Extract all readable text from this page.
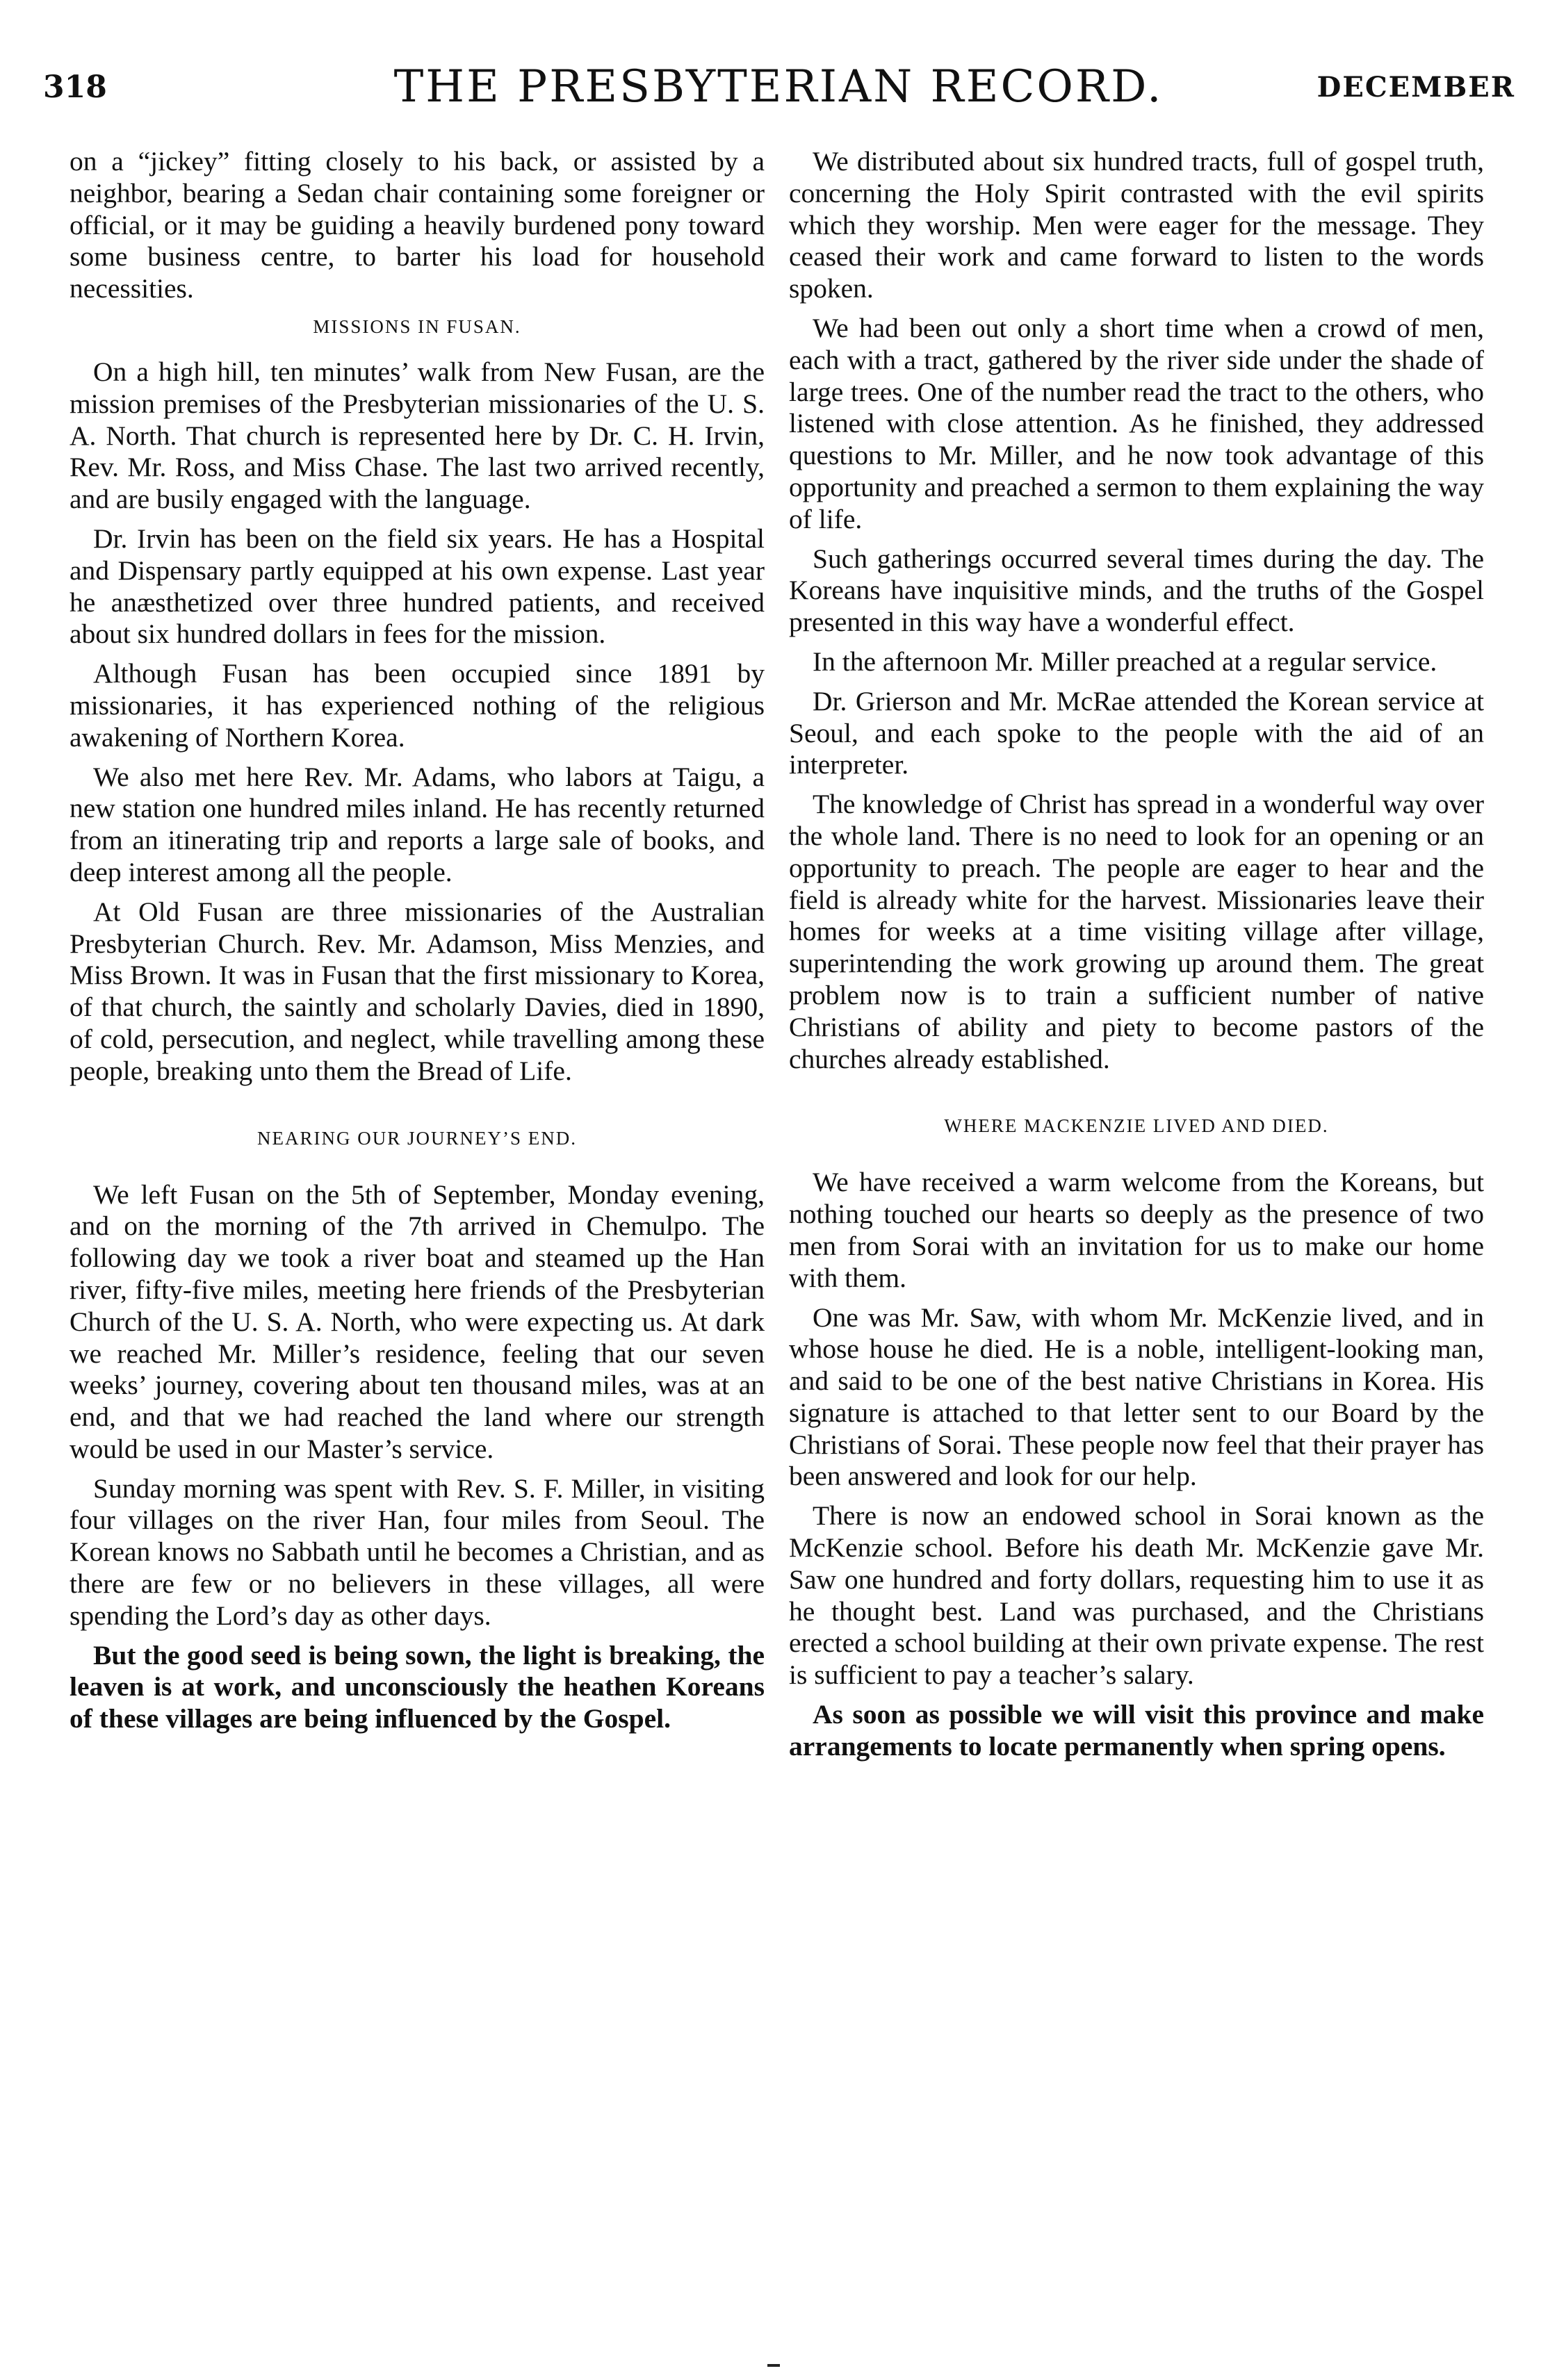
318	THE PRESBYTERIAN RECORD.	DECEMBER

on a “jickey” fitting closely to his back, or assisted by a neighbor, bearing a Sedan chair containing some foreigner or official, or it may be guiding a heavily burdened pony toward some business centre, to barter his load for household necessities.

MISSIONS IN FUSAN.

On a high hill, ten minutes’ walk from New Fusan, are the mission premises of the Presbyterian missionaries of the U. S. A. North. That church is represented here by Dr. C. H. Irvin, Rev. Mr. Ross, and Miss Chase. The last two arrived recently, and are busily engaged with the language.

Dr. Irvin has been on the field six years. He has a Hospital and Dispensary partly equipped at his own expense. Last year he anæsthetized over three hundred patients, and received about six hundred dollars in fees for the mission.

Although Fusan has been occupied since 1891 by missionaries, it has experienced nothing of the religious awakening of Northern Korea.

We also met here Rev. Mr. Adams, who labors at Taigu, a new station one hundred miles inland. He has recently returned from an itinerating trip and reports a large sale of books, and deep interest among all the people.

At Old Fusan are three missionaries of the Australian Presbyterian Church. Rev. Mr. Adamson, Miss Menzies, and Miss Brown. It was in Fusan that the first missionary to Korea, of that church, the saintly and scholarly Davies, died in 1890, of cold, persecution, and neglect, while travelling among these people, breaking unto them the Bread of Life.

NEARING OUR JOURNEY’S END.

We left Fusan on the 5th of September, Monday evening, and on the morning of the 7th arrived in Chemulpo. The following day we took a river boat and steamed up the Han river, fifty-five miles, meeting here friends of the Presbyterian Church of the U. S. A. North, who were expecting us. At dark we reached Mr. Miller’s residence, feeling that our seven weeks’ journey, covering about ten thousand miles, was at an end, and that we had reached the land where our strength would be used in our Master’s service.

Sunday morning was spent with Rev. S. F. Miller, in visiting four villages on the river Han, four miles from Seoul. The Korean knows no Sabbath until he becomes a Christian, and as there are few or no believers in these villages, all were spending the Lord’s day as other days.

But the good seed is being sown, the light is breaking, the leaven is at work, and unconsciously the heathen Koreans of these villages are being influenced by the Gospel.

We distributed about six hundred tracts, full of gospel truth, concerning the Holy Spirit contrasted with the evil spirits which they worship. Men were eager for the message. They ceased their work and came forward to listen to the words spoken.

We had been out only a short time when a crowd of men, each with a tract, gathered by the river side under the shade of large trees. One of the number read the tract to the others, who listened with close attention. As he finished, they addressed questions to Mr. Miller, and he now took advantage of this opportunity and preached a sermon to them explaining the way of life.

Such gatherings occurred several times during the day. The Koreans have inquisitive minds, and the truths of the Gospel presented in this way have a wonderful effect.

In the afternoon Mr. Miller preached at a regular service.

Dr. Grierson and Mr. McRae attended the Korean service at Seoul, and each spoke to the people with the aid of an interpreter.

The knowledge of Christ has spread in a wonderful way over the whole land. There is no need to look for an opening or an opportunity to preach. The people are eager to hear and the field is already white for the harvest. Missionaries leave their homes for weeks at a time visiting village after village, superintending the work growing up around them. The great problem now is to train a sufficient number of native Christians of ability and piety to become pastors of the churches already established.

WHERE MACKENZIE LIVED AND DIED.

We have received a warm welcome from the Koreans, but nothing touched our hearts so deeply as the presence of two men from Sorai with an invitation for us to make our home with them.

One was Mr. Saw, with whom Mr. McKenzie lived, and in whose house he died. He is a noble, intelligent-looking man, and said to be one of the best native Christians in Korea. His signature is attached to that letter sent to our Board by the Christians of Sorai. These people now feel that their prayer has been answered and look for our help.

There is now an endowed school in Sorai known as the McKenzie school. Before his death Mr. McKenzie gave Mr. Saw one hundred and forty dollars, requesting him to use it as he thought best. Land was purchased, and the Christians erected a school building at their own private expense. The rest is sufficient to pay a teacher’s salary.

As soon as possible we will visit this province and make arrangements to locate permanently when spring opens.
